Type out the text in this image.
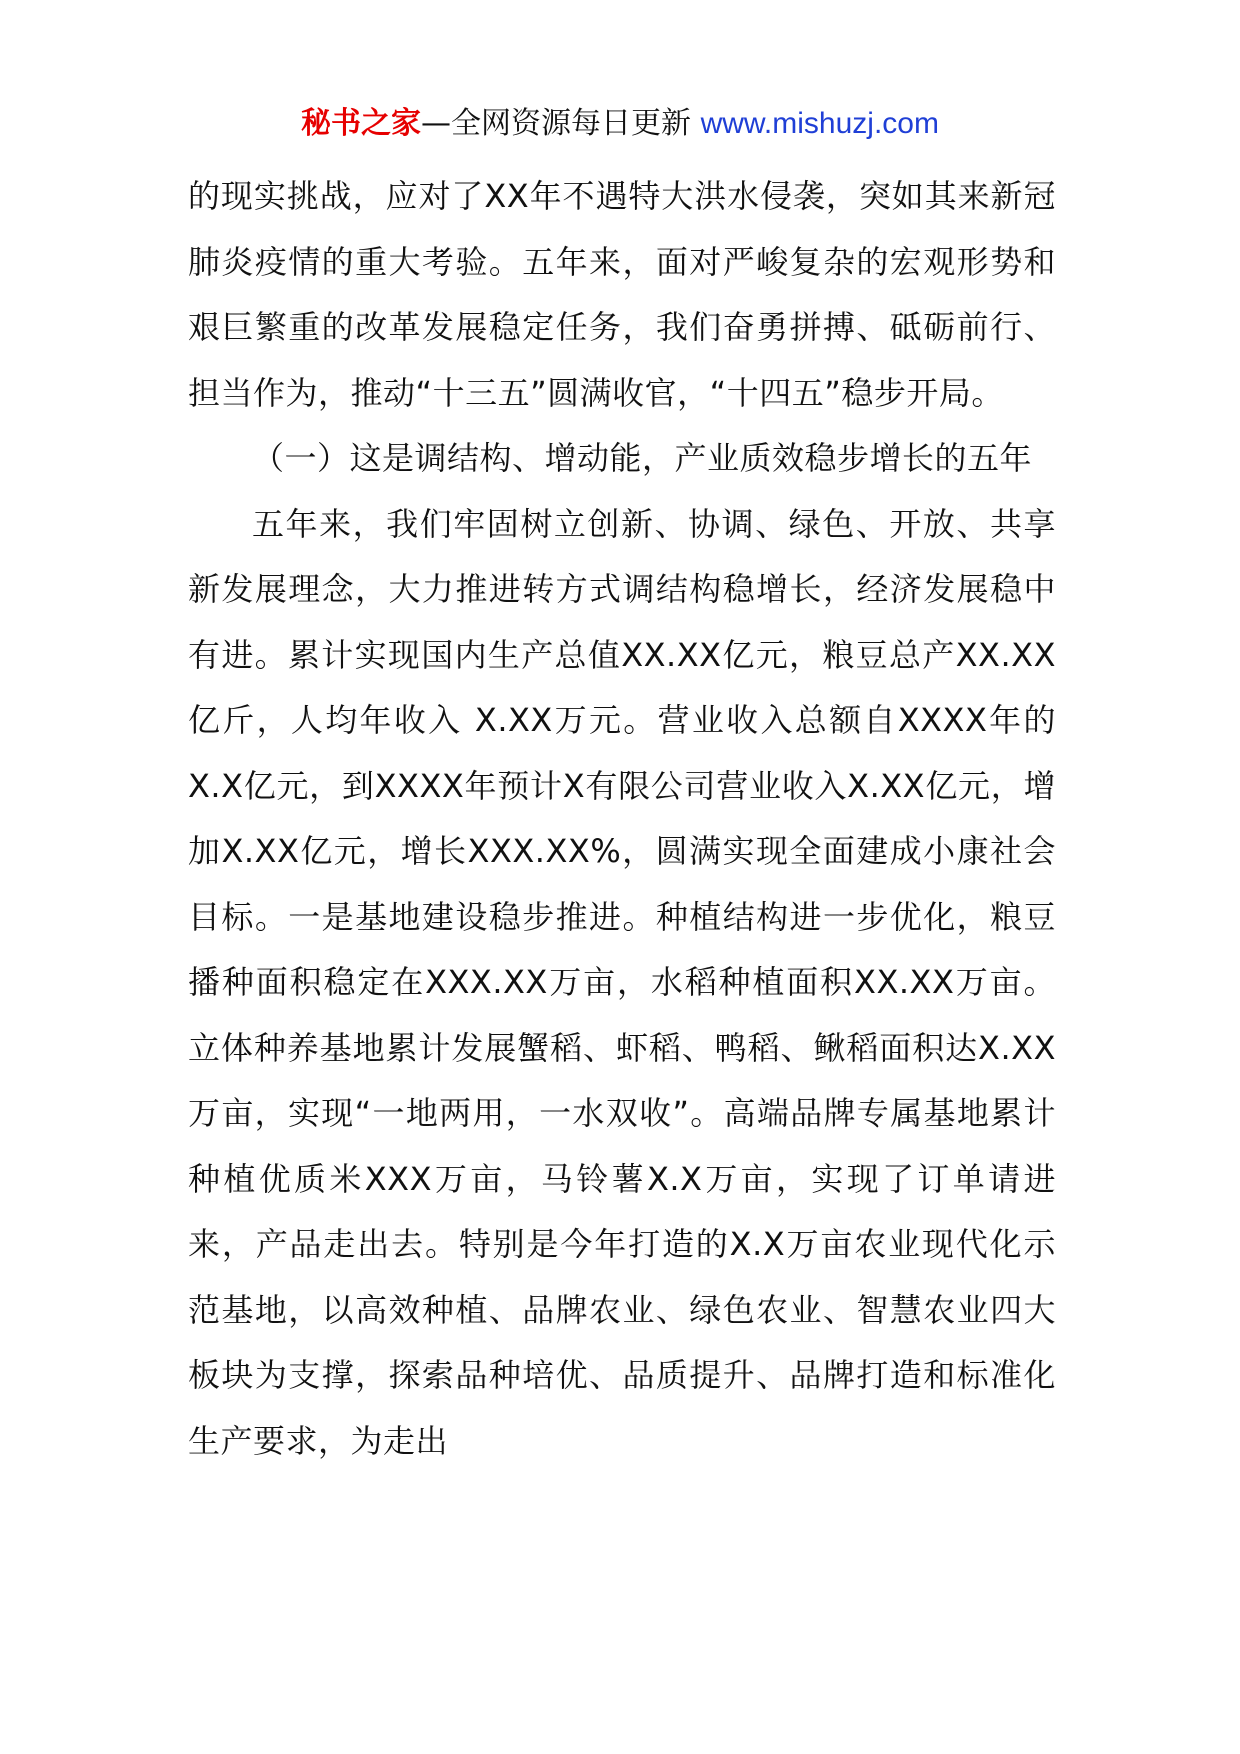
秘书之家—全网资源每日更新 www.mishuzj.com

的现实挑战，应对了XX年不遇特大洪水侵袭，突如其来新冠肺炎疫情的重大考验。五年来，面对严峻复杂的宏观形势和艰巨繁重的改革发展稳定任务，我们奋勇拼搏、砥砺前行、担当作为，推动“十三五”圆满收官，“十四五”稳步开局。

（一）这是调结构、增动能，产业质效稳步增长的五年

五年来，我们牢固树立创新、协调、绿色、开放、共享新发展理念，大力推进转方式调结构稳增长，经济发展稳中有进。累计实现国内生产总值XX.XX亿元，粮豆总产XX.XX亿斤，人均年收入 X.XX万元。营业收入总额自XXXX年的X.X亿元，到XXXX年预计X有限公司营业收入X.XX亿元，增加X.XX亿元，增长XXX.XX%，圆满实现全面建成小康社会目标。一是基地建设稳步推进。种植结构进一步优化，粮豆播种面积稳定在XXX.XX万亩，水稻种植面积XX.XX万亩。立体种养基地累计发展蟹稻、虾稻、鸭稻、鳅稻面积达X.XX万亩，实现“一地两用，一水双收”。高端品牌专属基地累计种植优质米XXX万亩，马铃薯X.X万亩，实现了订单请进来，产品走出去。特别是今年打造的X.X万亩农业现代化示范基地，以高效种植、品牌农业、绿色农业、智慧农业四大板块为支撑，探索品种培优、品质提升、品牌打造和标准化生产要求，为走出
